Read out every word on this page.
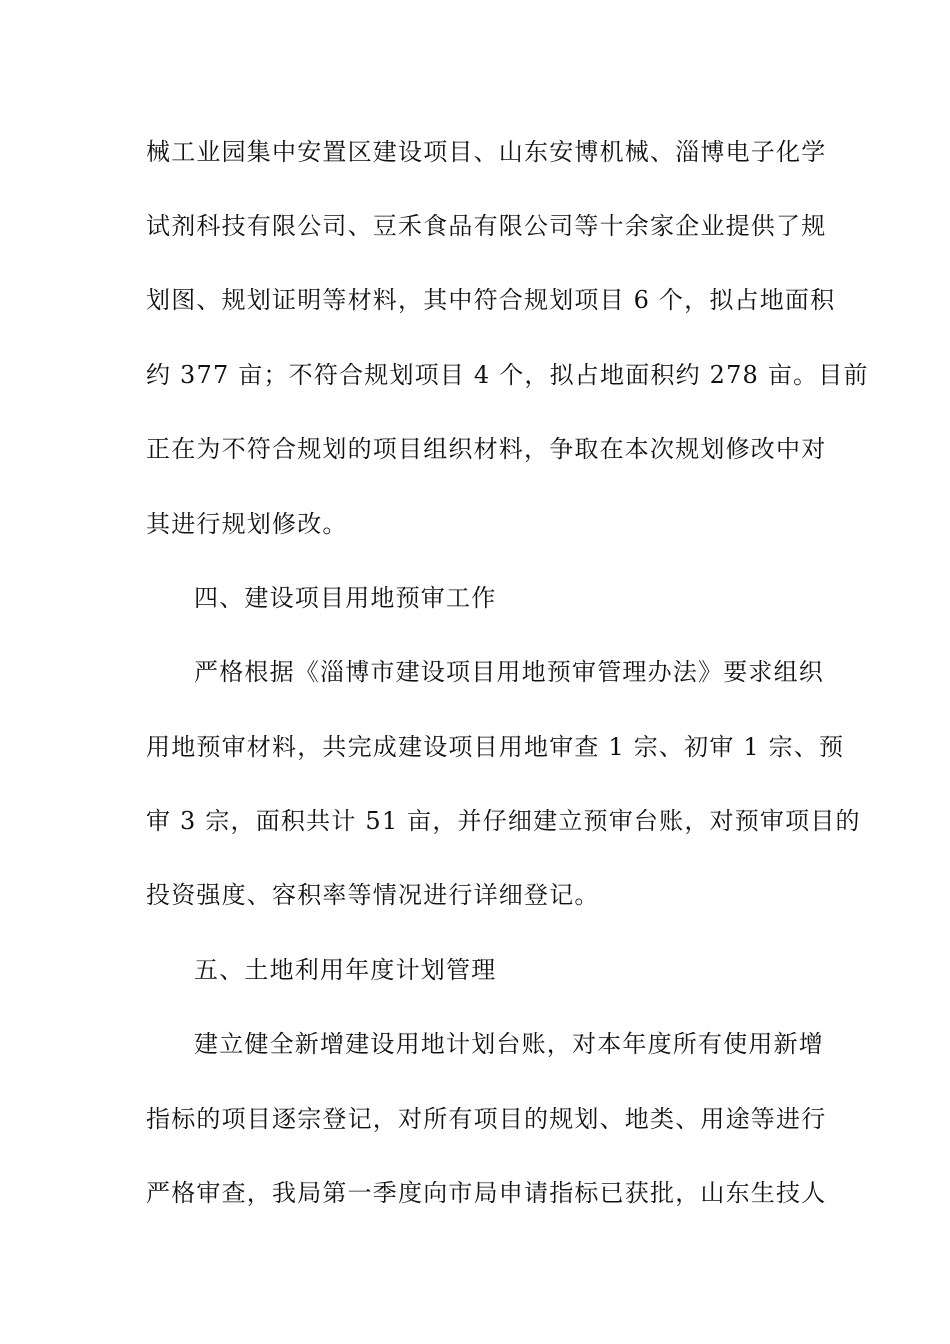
械工业园集中安置区建设项目、山东安博机械、淄博电子化学
试剂科技有限公司、豆禾食品有限公司等十余家企业提供了规
划图、规划证明等材料，其中符合规划项目 6 个，拟占地面积
约 377 亩；不符合规划项目 4 个，拟占地面积约 278 亩。目前
正在为不符合规划的项目组织材料，争取在本次规划修改中对
其进行规划修改。
四、建设项目用地预审工作
严格根据《淄博市建设项目用地预审管理办法》要求组织
用地预审材料，共完成建设项目用地审查 1 宗、初审 1 宗、预
审 3 宗，面积共计 51 亩，并仔细建立预审台账，对预审项目的
投资强度、容积率等情况进行详细登记。
五、土地利用年度计划管理
建立健全新增建设用地计划台账，对本年度所有使用新增
指标的项目逐宗登记，对所有项目的规划、地类、用途等进行
严格审查，我局第一季度向市局申请指标已获批，山东生技人
